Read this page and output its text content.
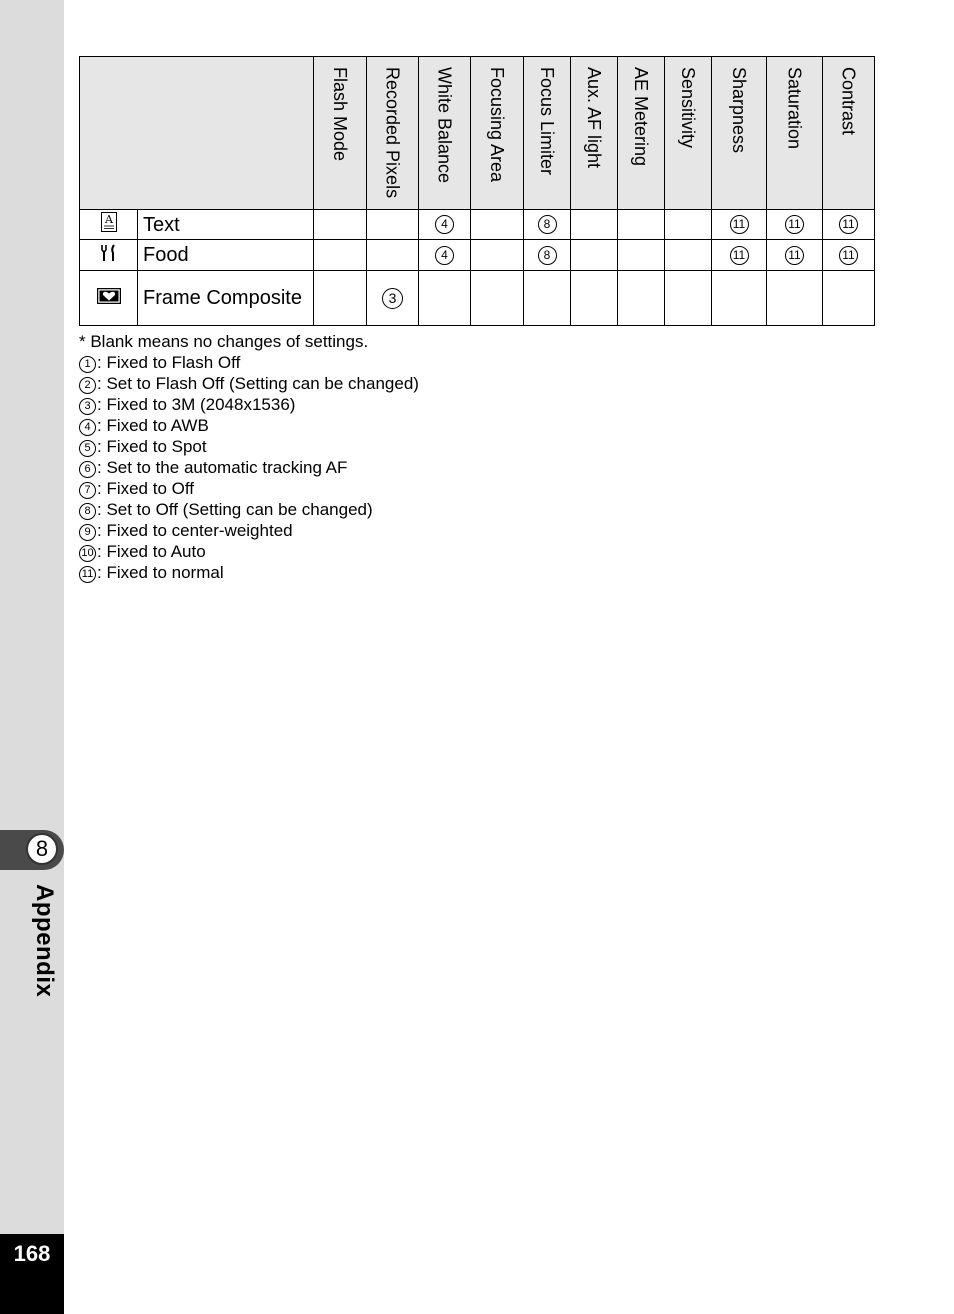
8
Appendix
168

		Flash Mode	Recorded Pixels	White Balance	Focusing Area	Focus Limiter	Aux. AF light	AE Metering	Sensitivity	Sharpness	Saturation	Contrast

A	Text			4		8				11	11	11
	Food			4		8				11	11	11
	Frame Composite		3									
* Blank means no changes of settings.
1 : Fixed to Flash Off
2 : Set to Flash Off (Setting can be changed)
3 : Fixed to 3M (2048x1536)
4 : Fixed to AWB
5 : Fixed to Spot
6 : Set to the automatic tracking AF
7 : Fixed to Off
8 : Set to Off (Setting can be changed)
9 : Fixed to center-weighted
10 : Fixed to Auto
11 : Fixed to normal
